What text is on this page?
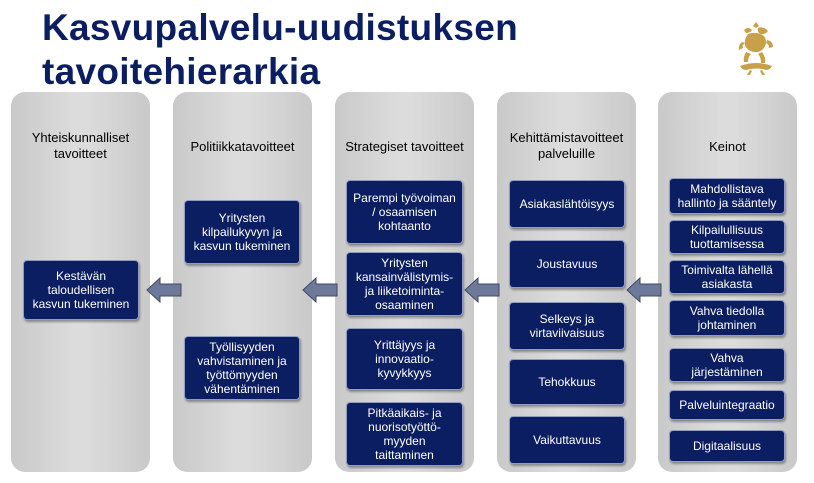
Kasvupalvelu-uudistuksen
tavoitehierarkia
Yhteiskunnalliset
tavoitteet
Kestävän
taloudellisen
kasvun tukeminen
Politiikkatavoitteet
Yritysten
kilpailukyvyn ja
kasvun tukeminen
Työllisyyden
vahvistaminen ja
työttömyyden
vähentäminen
Strategiset tavoitteet
Parempi työvoiman
/ osaamisen
kohtaanto
Yritysten
kansainvälistymis-
ja liiketoiminta-
osaaminen
Yrittäjyys ja
innovaatio-
kyvykkyys
Pitkäaikais- ja
nuorisotyöttö-
myyden
taittaminen
Kehittämistavoitteet
palveluille
Asiakaslähtöisyys
Joustavuus
Selkeys ja
virtaviivaisuus
Tehokkuus
Vaikuttavuus
Keinot
Mahdollistava
hallinto ja sääntely
Kilpailullisuus
tuottamisessa
Toimivalta lähellä
asiakasta
Vahva tiedolla
johtaminen
Vahva
järjestäminen
Palveluintegraatio
Digitaalisuus
